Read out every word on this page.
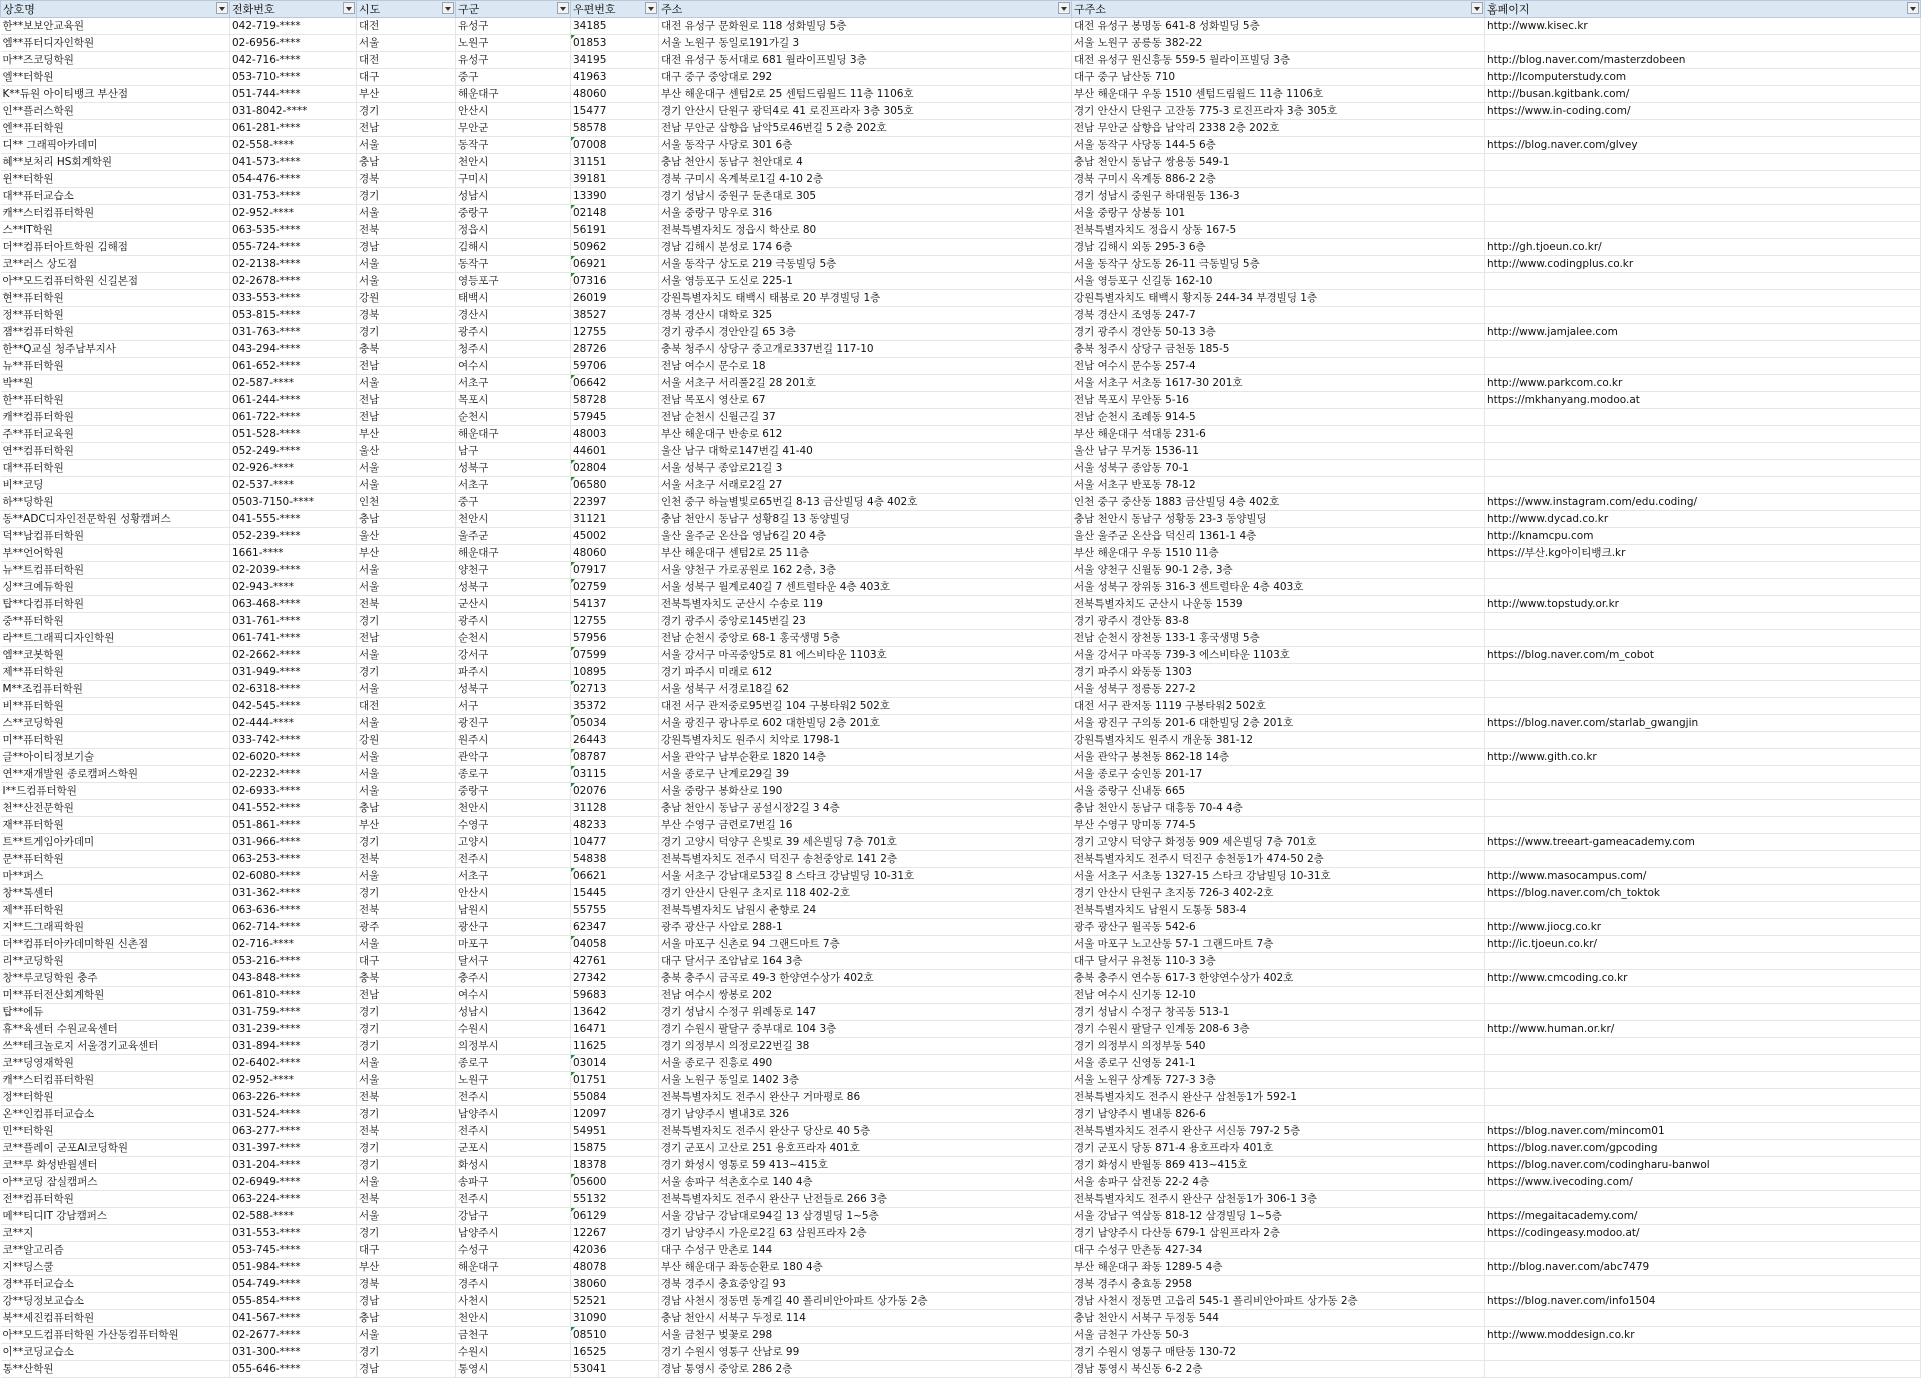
상호명	전화번호	시도	구군	우편번호	주소	구주소	홈페이지

한**보보안교육원	042-719-****	대전	유성구	34185	대전 유성구 문화원로 118 성화빌딩 5층	대전 유성구 봉명동 641-8 성화빌딩 5층	http://www.kisec.kr
엠**퓨터디자인학원	02-6956-****	서울	노원구	01853	서울 노원구 동일로191가길 3	서울 노원구 공릉동 382-22	
마**즈코딩학원	042-716-****	대전	유성구	34195	대전 유성구 동서대로 681 월라이프빌딩 3층	대전 유성구 원신흥동 559-5 월라이프빌딩 3층	http://blog.naver.com/masterzdobeen
엘**터학원	053-710-****	대구	중구	41963	대구 중구 중앙대로 292	대구 중구 남산동 710	http://lcomputerstudy.com
K**듀원 아이티뱅크 부산점	051-744-****	부산	해운대구	48060	부산 해운대구 센텀2로 25 센텀드림월드 11층 1106호	부산 해운대구 우동 1510 센텀드림월드 11층 1106호	http://busan.kgitbank.com/
인**플러스학원	031-8042-****	경기	안산시	15477	경기 안산시 단원구 광덕4로 41 로진프라자 3층 305호	경기 안산시 단원구 고잔동 775-3 로진프라자 3층 305호	https://www.in-coding.com/
엔**퓨터학원	061-281-****	전남	무안군	58578	전남 무안군 삼향읍 남악5로46번길 5 2층 202호	전남 무안군 삼향읍 남악리 2338 2층 202호	
디** 그래픽아카데미	02-558-****	서울	동작구	07008	서울 동작구 사당로 301 6층	서울 동작구 사당동 144-5 6층	https://blog.naver.com/glvey
혜**보처리 HS회계학원	041-573-****	충남	천안시	31151	충남 천안시 동남구 천안대로 4	충남 천안시 동남구 쌍용동 549-1	
윈**터학원	054-476-****	경북	구미시	39181	경북 구미시 옥계북로1길 4-10 2층	경북 구미시 옥계동 886-2 2층	
대**퓨터교습소	031-753-****	경기	성남시	13390	경기 성남시 중원구 둔촌대로 305	경기 성남시 중원구 하대원동 136-3	
캐**스터컴퓨터학원	02-952-****	서울	중랑구	02148	서울 중랑구 망우로 316	서울 중랑구 상봉동 101	
스**IT학원	063-535-****	전북	정읍시	56191	전북특별자치도 정읍시 학산로 80	전북특별자치도 정읍시 상동 167-5	
더**컴퓨터아트학원 김해점	055-724-****	경남	김해시	50962	경남 김해시 분성로 174 6층	경남 김해시 외동 295-3 6층	http://gh.tjoeun.co.kr/
코**러스 상도점	02-2138-****	서울	동작구	06921	서울 동작구 상도로 219 극동빌딩 5층	서울 동작구 상도동 26-11 극동빌딩 5층	http://www.codingplus.co.kr
아**모드컴퓨터학원 신길본점	02-2678-****	서울	영등포구	07316	서울 영등포구 도신로 225-1	서울 영등포구 신길동 162-10	
현**퓨터학원	033-553-****	강원	태백시	26019	강원특별자치도 태백시 태붐로 20 부경빌딩 1층	강원특별자치도 태백시 황지동 244-34 부경빌딩 1층	
정**퓨터학원	053-815-****	경북	경산시	38527	경북 경산시 대학로 325	경북 경산시 조영동 247-7	
잼**컴퓨터학원	031-763-****	경기	광주시	12755	경기 광주시 경안안길 65 3층	경기 광주시 경안동 50-13 3층	http://www.jamjalee.com
한**Q교실 청주남부지사	043-294-****	충북	청주시	28726	충북 청주시 상당구 중고개로337번길 117-10	충북 청주시 상당구 금천동 185-5	
뉴**퓨터학원	061-652-****	전남	여수시	59706	전남 여수시 문수로 18	전남 여수시 문수동 257-4	
박**원	02-587-****	서울	서초구	06642	서울 서초구 서리풀2길 28 201호	서울 서초구 서초동 1617-30 201호	http://www.parkcom.co.kr
한**퓨터학원	061-244-****	전남	목포시	58728	전남 목포시 영산로 67	전남 목포시 무안동 5-16	https://mkhanyang.modoo.at
캐**컴퓨터학원	061-722-****	전남	순천시	57945	전남 순천시 신월근길 37	전남 순천시 조례동 914-5	
주**퓨터교육원	051-528-****	부산	해운대구	48003	부산 해운대구 반송로 612	부산 해운대구 석대동 231-6	
연**컴퓨터학원	052-249-****	울산	남구	44601	울산 남구 대학로147번길 41-40	울산 남구 무거동 1536-11	
대**퓨터학원	02-926-****	서울	성북구	02804	서울 성북구 종암로21길 3	서울 성북구 종암동 70-1	
비**코딩	02-537-****	서울	서초구	06580	서울 서초구 서래로2길 27	서울 서초구 반포동 78-12	
하**딩학원	0503-7150-****	인천	중구	22397	인천 중구 하늘별빛로65번길 8-13 금산빌딩 4층 402호	인천 중구 중산동 1883 금산빌딩 4층 402호	https://www.instagram.com/edu.coding/
동**ADC디자인전문학원 성황캠퍼스	041-555-****	충남	천안시	31121	충남 천안시 동남구 성황8길 13 동양빌딩	충남 천안시 동남구 성황동 23-3 동양빌딩	http://www.dycad.co.kr
덕**남컴퓨터학원	052-239-****	울산	울주군	45002	울산 울주군 온산읍 영남6길 20 4층	울산 울주군 온산읍 덕신리 1361-1 4층	http://knamcpu.com
부**언어학원	1661-****	부산	해운대구	48060	부산 해운대구 센텀2로 25 11층	부산 해운대구 우동 1510 11층	https://부산.kg아이티뱅크.kr
뉴**트컴퓨터학원	02-2039-****	서울	양천구	07917	서울 양천구 가로공원로 162 2층, 3층	서울 양천구 신월동 90-1 2층, 3층	
싱**크예듀학원	02-943-****	서울	성북구	02759	서울 성북구 월계로40길 7 센트럴타운 4층 403호	서울 성북구 장위동 316-3 센트럴타운 4층 403호	
탑**다컴퓨터학원	063-468-****	전북	군산시	54137	전북특별자치도 군산시 수송로 119	전북특별자치도 군산시 나운동 1539	http://www.topstudy.or.kr
중**퓨터학원	031-761-****	경기	광주시	12755	경기 광주시 중앙로145번길 23	경기 광주시 경안동 83-8	
라**트그래픽디자인학원	061-741-****	전남	순천시	57956	전남 순천시 중앙로 68-1 홍국생명 5층	전남 순천시 장천동 133-1 홍국생명 5층	
엠**코봇학원	02-2662-****	서울	강서구	07599	서울 강서구 마곡중앙5로 81 에스비타운 1103호	서울 강서구 마곡동 739-3 에스비타운 1103호	https://blog.naver.com/m_cobot
제**퓨터학원	031-949-****	경기	파주시	10895	경기 파주시 미래로 612	경기 파주시 와동동 1303	
M**조컴퓨터학원	02-6318-****	서울	성북구	02713	서울 성북구 서경로18길 62	서울 성북구 정릉동 227-2	
비**퓨터학원	042-545-****	대전	서구	35372	대전 서구 관저중로95번길 104 구봉타워2 502호	대전 서구 관저동 1119 구봉타워2 502호	
스**코딩학원	02-444-****	서울	광진구	05034	서울 광진구 광나루로 602 대한빌딩 2층 201호	서울 광진구 구의동 201-6 대한빌딩 2층 201호	https://blog.naver.com/starlab_gwangjin
미**퓨터학원	033-742-****	강원	원주시	26443	강원특별자치도 원주시 치악로 1798-1	강원특별자치도 원주시 개운동 381-12	
글**아이티정보기술	02-6020-****	서울	관악구	08787	서울 관악구 남부순환로 1820 14층	서울 관악구 봉천동 862-18 14층	http://www.gith.co.kr
연**재개발원 종로캠퍼스학원	02-2232-****	서울	종로구	03115	서울 종로구 난계로29길 39	서울 종로구 숭인동 201-17	
I**드컴퓨터학원	02-6933-****	서울	중랑구	02076	서울 중랑구 봉화산로 190	서울 중랑구 신내동 665	
천**산전문학원	041-552-****	충남	천안시	31128	충남 천안시 동남구 공설시장2길 3 4층	충남 천안시 동남구 대흥동 70-4 4층	
재**퓨터학원	051-861-****	부산	수영구	48233	부산 수영구 금련로7번길 16	부산 수영구 망미동 774-5	
트**트게임아카데미	031-966-****	경기	고양시	10477	경기 고양시 덕양구 은빛로 39 세은빌딩 7층 701호	경기 고양시 덕양구 화정동 909 세은빌딩 7층 701호	https://www.treeart-gameacademy.com
문**퓨터학원	063-253-****	전북	전주시	54838	전북특별자치도 전주시 덕진구 송천중앙로 141 2층	전북특별자치도 전주시 덕진구 송천동1가 474-50 2층	
마**퍼스	02-6080-****	서울	서초구	06621	서울 서초구 강남대로53길 8 스타크 강남빌딩 10-31호	서울 서초구 서초동 1327-15 스타크 강남빌딩 10-31호	http://www.masocampus.com/
창**톡센터	031-362-****	경기	안산시	15445	경기 안산시 단원구 초지로 118 402-2호	경기 안산시 단원구 초지동 726-3 402-2호	https://blog.naver.com/ch_toktok
제**퓨터학원	063-636-****	전북	남원시	55755	전북특별자치도 남원시 춘향로 24	전북특별자치도 남원시 도통동 583-4	
지**드그래픽학원	062-714-****	광주	광산구	62347	광주 광산구 사암로 288-1	광주 광산구 월곡동 542-6	http://www.jiocg.co.kr
더**컴퓨터아카데미학원 신촌점	02-716-****	서울	마포구	04058	서울 마포구 신촌로 94 그랜드마트 7층	서울 마포구 노고산동 57-1 그랜드마트 7층	http://ic.tjoeun.co.kr/
리**코딩학원	053-216-****	대구	달서구	42761	대구 달서구 조암남로 164 3층	대구 달서구 유천동 110-3 3층	
창**루코딩학원 충주	043-848-****	충북	충주시	27342	충북 충주시 금곡로 49-3 한양연수상가 402호	충북 충주시 연수동 617-3 한양연수상가 402호	http://www.cmcoding.co.kr
미**퓨터전산회계학원	061-810-****	전남	여수시	59683	전남 여수시 쌍봉로 202	전남 여수시 신기동 12-10	
탑**에듀	031-759-****	경기	성남시	13642	경기 성남시 수정구 위례동로 147	경기 성남시 수정구 창곡동 513-1	
휴**육센터 수원교육센터	031-239-****	경기	수원시	16471	경기 수원시 팔달구 중부대로 104 3층	경기 수원시 팔달구 인계동 208-6 3층	http://www.human.or.kr/
쓰**테크놀로지 서울경기교육센터	031-894-****	경기	의정부시	11625	경기 의정부시 의정로22번길 38	경기 의정부시 의정부동 540	
코**딩영재학원	02-6402-****	서울	종로구	03014	서울 종로구 진흥로 490	서울 종로구 신영동 241-1	
캐**스터컴퓨터학원	02-952-****	서울	노원구	01751	서울 노원구 동일로 1402 3층	서울 노원구 상계동 727-3 3층	
정**터학원	063-226-****	전북	전주시	55084	전북특별자치도 전주시 완산구 거마평로 86	전북특별자치도 전주시 완산구 삼천동1가 592-1	
온**인컴퓨터교습소	031-524-****	경기	남양주시	12097	경기 남양주시 별내3로 326	경기 남양주시 별내동 826-6	
민**터학원	063-277-****	전북	전주시	54951	전북특별자치도 전주시 완산구 당산로 40 5층	전북특별자치도 전주시 완산구 서신동 797-2 5층	https://blog.naver.com/mincom01
코**플레이 군포AI코딩학원	031-397-****	경기	군포시	15875	경기 군포시 고산로 251 용호프라자 401호	경기 군포시 당동 871-4 용호프라자 401호	https://blog.naver.com/gpcoding
코**루 화성반월센터	031-204-****	경기	화성시	18378	경기 화성시 영통로 59 413~415호	경기 화성시 반월동 869 413~415호	https://blog.naver.com/codingharu-banwol
아**코딩 잠실캠퍼스	02-6949-****	서울	송파구	05600	서울 송파구 석촌호수로 140 4층	서울 송파구 삼전동 22-2 4층	https://www.ivecoding.com/
전**컴퓨터학원	063-224-****	전북	전주시	55132	전북특별자치도 전주시 완산구 난전들로 266 3층	전북특별자치도 전주시 완산구 삼천동1가 306-1 3층	
메**티디IT 강남캠퍼스	02-588-****	서울	강남구	06129	서울 강남구 강남대로94길 13 삼경빌딩 1~5층	서울 강남구 역삼동 818-12 삼경빌딩 1~5층	https://megaitacademy.com/
코**지	031-553-****	경기	남양주시	12267	경기 남양주시 가운로2길 63 삼원프라자 2층	경기 남양주시 다산동 679-1 삼원프라자 2층	https://codingeasy.modoo.at/
코**알고리즘	053-745-****	대구	수성구	42036	대구 수성구 만촌로 144	대구 수성구 만촌동 427-34	
지**딩스쿨	051-984-****	부산	해운대구	48078	부산 해운대구 좌동순환로 180 4층	부산 해운대구 좌동 1289-5 4층	http://blog.naver.com/abc7479
경**퓨터교습소	054-749-****	경북	경주시	38060	경북 경주시 충효중앙길 93	경북 경주시 충효동 2958	
강**딩정보교습소	055-854-****	경남	사천시	52521	경남 사천시 정동면 동계길 40 폴리비안아파트 상가동 2층	경남 사천시 정동면 고읍리 545-1 폴리비안아파트 상가동 2층	https://blog.naver.com/info1504
북**세진컴퓨터학원	041-567-****	충남	천안시	31090	충남 천안시 서북구 두정로 114	충남 천안시 서북구 두정동 544	
아**모드컴퓨터학원 가산동컴퓨터학원	02-2677-****	서울	금천구	08510	서울 금천구 벚꽃로 298	서울 금천구 가산동 50-3	http://www.moddesign.co.kr
이**코딩교습소	031-300-****	경기	수원시	16525	경기 수원시 영통구 산남로 99	경기 수원시 영통구 매탄동 130-72	
통**산학원	055-646-****	경남	통영시	53041	경남 통영시 중앙로 286 2층	경남 통영시 북신동 6-2 2층	
